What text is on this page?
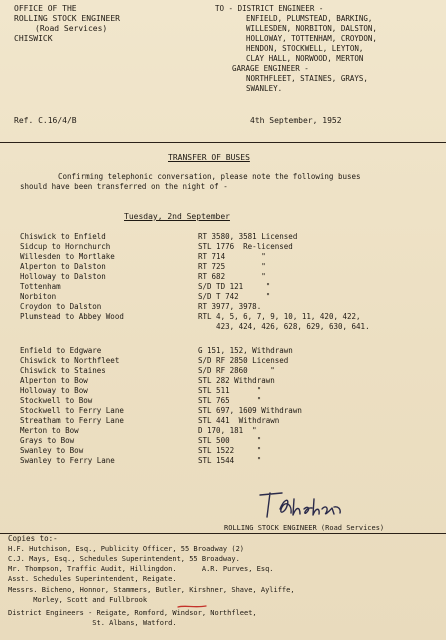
OFFICE OF THE
ROLLING STOCK ENGINEER
(Road Services)
CHISWICK
TO - DISTRICT ENGINEER -
ENFIELD, PLUMSTEAD, BARKING,
WILLESDEN, NORBITON, DALSTON,
HOLLOWAY, TOTTENHAM, CROYDON,
HENDON, STOCKWELL, LEYTON,
CLAY HALL, NORWOOD, MERTON
GARAGE ENGINEER -
NORTHFLEET, STAINES, GRAYS,
SWANLEY.
Ref. C.16/4/B	4th September, 1952
TRANSFER OF BUSES
Confirming telephonic conversation, please note the following buses
should have been transferred on the night of -
Tuesday, 2nd September
Chiswick to Enfield	RT 3580, 3581 Licensed
Sidcup to Hornchurch	STL 1776  Re-licensed
Willesden to Mortlake	RT 714        "
Alperton to Dalston	RT 725        "
Holloway to Dalston	RT 682        "
Tottenham	S/D TD 121     "
Norbiton	S/D T 742      "
Croydon to Dalston	RT 3977, 3978.
Plumstead to Abbey Wood	RTL 4, 5, 6, 7, 9, 10, 11, 420, 422,
423, 424, 426, 628, 629, 630, 641.
Enfield to Edgware	G 151, 152, Withdrawn
Chiswick to Northfleet	S/D RF 2850 Licensed
Chiswick to Staines	S/D RF 2860     "
Alperton to Bow	STL 282 Withdrawn
Holloway to Bow	STL 511      "
Stockwell to Bow	STL 765      "
Stockwell to Ferry Lane	STL 697, 1609 Withdrawn
Streatham to Ferry Lane	STL 441  Withdrawn
Merton to Bow	D 170, 181  "
Grays to Bow	STL 500      "
Swanley to Bow	STL 1522     "
Swanley to Ferry Lane	STL 1544     "
ROLLING STOCK ENGINEER (Road Services)
Copies to:-
H.F. Hutchison, Esq., Publicity Officer, 55 Broadway (2)
C.J. Mays, Esq., Schedules Superintendent, 55 Broadway.
Mr. Thompson, Traffic Audit, Hillingdon.      A.R. Purves, Esq.
Asst. Schedules Superintendent, Reigate.
Messrs. Bicheno, Honnor, Stammers, Butler, Kirshner, Shave, Ayliffe,
Morley, Scott and Fullbrook
District Engineers - Reigate, Romford, Windsor, Northfleet,
St. Albans, Watford.
